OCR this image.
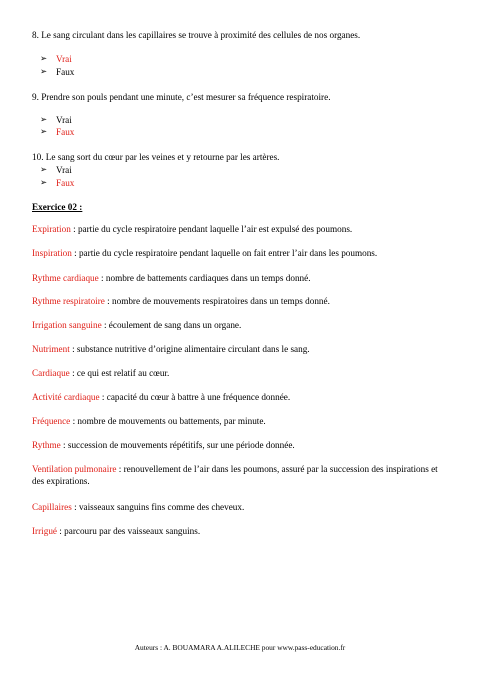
8. Le sang circulant dans les capillaires se trouve à proximité des cellules de nos organes.
➢ Vrai
➢ Faux
9. Prendre son pouls pendant une minute, c’est mesurer sa fréquence respiratoire.
➢ Vrai
➢ Faux
10. Le sang sort du cœur par les veines et y retourne par les artères.
➢ Vrai
➢ Faux
Exercice 02 :
Expiration : partie du cycle respiratoire pendant laquelle l’air est expulsé des poumons.
Inspiration : partie du cycle respiratoire pendant laquelle on fait entrer l’air dans les poumons.
Rythme cardiaque : nombre de battements cardiaques dans un temps donné.
Rythme respiratoire : nombre de mouvements respiratoires dans un temps donné.
Irrigation sanguine : écoulement de sang dans un organe.
Nutriment : substance nutritive d’origine alimentaire circulant dans le sang.
Cardiaque : ce qui est relatif au cœur.
Activité cardiaque : capacité du cœur à battre à une fréquence donnée.
Fréquence : nombre de mouvements ou battements, par minute.
Rythme : succession de mouvements répétitifs, sur une période donnée.
Ventilation pulmonaire : renouvellement de l’air dans les poumons, assuré par la succession des inspirations et des expirations.
Capillaires : vaisseaux sanguins fins comme des cheveux.
Irrigué : parcouru par des vaisseaux sanguins.
Auteurs : A. BOUAMARA A.ALILECHE pour www.pass-education.fr
